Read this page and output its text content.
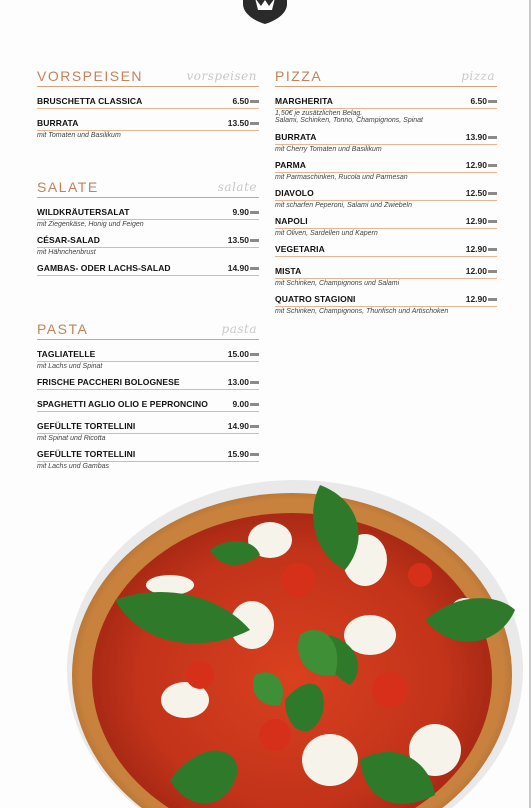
VORSPEISEN	vorspeisen
BRUSCHETTA CLASSICA	6.50
BURRATA	13.50
mit Tomaten und Basilikum
SALATE	salate
WILDKRÄUTERSALAT	9.90
mit Ziegenkäse, Honig und Feigen
CÉSAR-SALAD	13.50
mit Hähnchenbrust
GAMBAS- ODER LACHS-SALAD	14.90
PASTA	pasta
TAGLIATELLE	15.00
mit Lachs und Spinat
FRISCHE PACCHERI BOLOGNESE	13.00
SPAGHETTI AGLIO OLIO E PEPRONCINO	9.00
GEFÜLLTE TORTELLINI	14.90
mit Spinat und Ricotta
GEFÜLLTE TORTELLINI	15.90
mit Lachs und Gambas
PIZZA	pizza
MARGHERITA	6.50
1,50€ je zusätzlichen Belag.
Salami, Schinken, Tonno, Champignons, Spinat
BURRATA	13.90
mit Cherry Tomaten und Basilikum
PARMA	12.90
mit Parmaschinken, Rucola und Parmesan
DIAVOLO	12.50
mit scharfen Peperoni, Salami und Zwiebeln
NAPOLI	12.90
mit Oliven, Sardellen und Kapern
VEGETARIA	12.90
MISTA	12.00
mit Schinken, Champignons und Salami
QUATRO STAGIONI	12.90
mit Schinken, Champignons, Thunfisch und Artischoken
